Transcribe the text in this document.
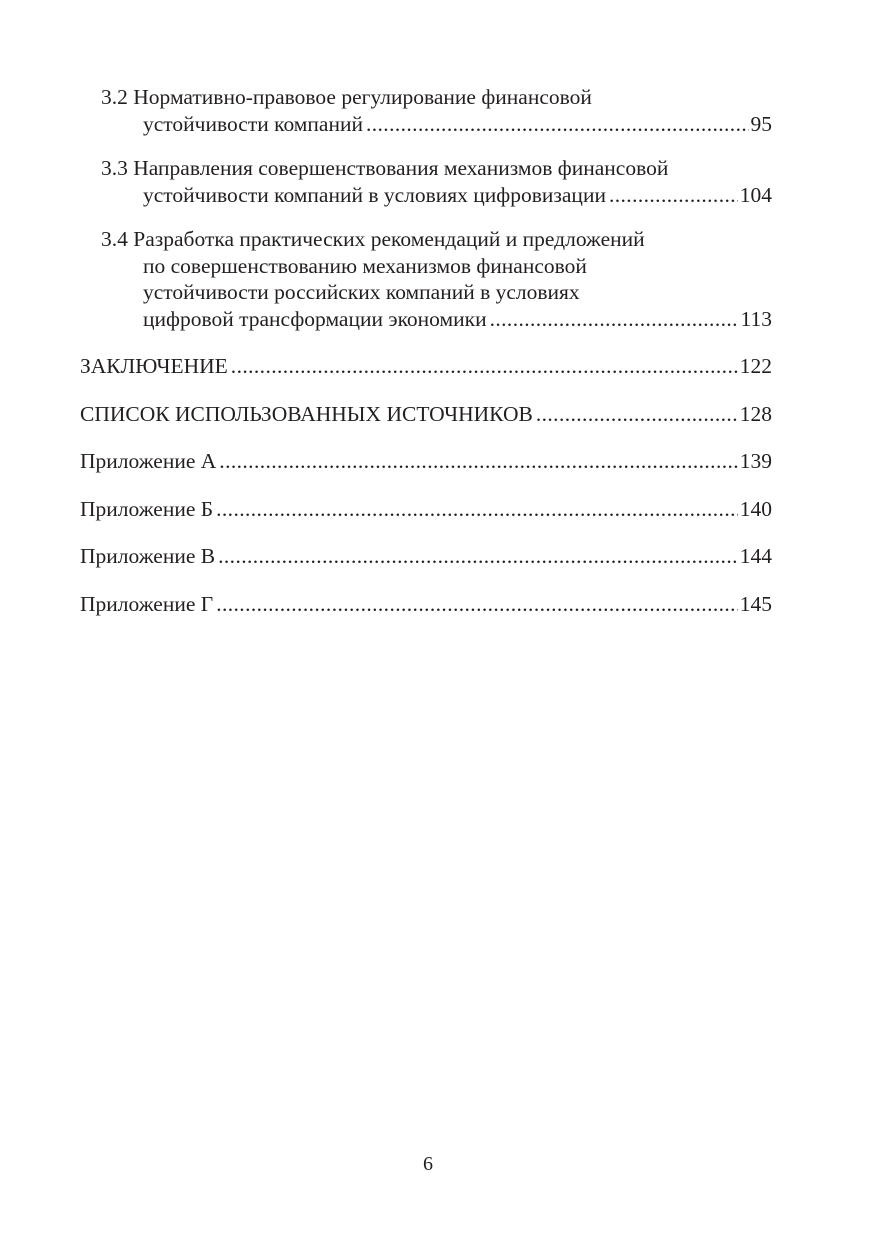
3.2 Нормативно-правовое регулирование финансовой
устойчивости компаний .....	95
3.3 Направления совершенствования механизмов финансовой
устойчивости компаний в условиях цифровизации .....	104
3.4 Разработка практических рекомендаций и предложений
по совершенствованию механизмов финансовой
устойчивости российских компаний в условиях
цифровой трансформации экономики .....	113
ЗАКЛЮЧЕНИЕ .....	122
СПИСОК ИСПОЛЬЗОВАННЫХ ИСТОЧНИКОВ .....	128
Приложение А .....	139
Приложение Б .....	140
Приложение В .....	144
Приложение Г .....	145
6
